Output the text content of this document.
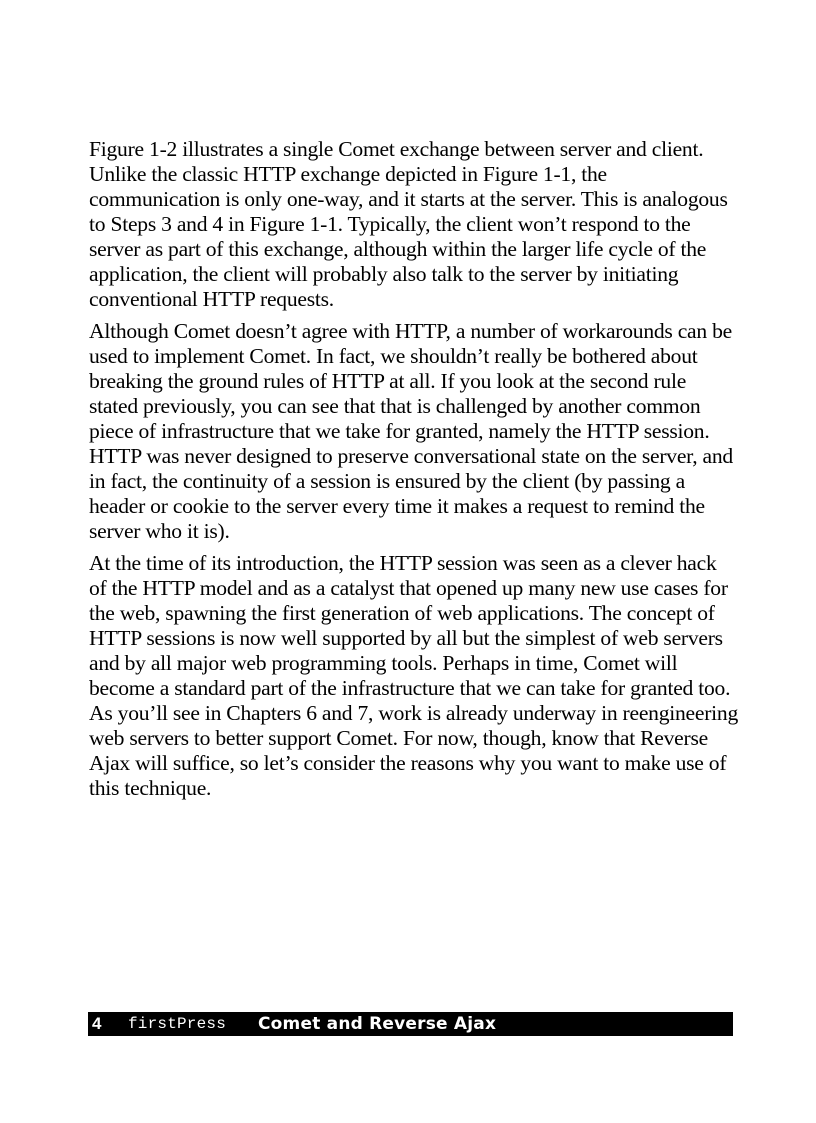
Figure 1-2 illustrates a single Comet exchange between server and client. Unlike the classic HTTP exchange depicted in Figure 1-1, the communication is only one-way, and it starts at the server. This is analogous to Steps 3 and 4 in Figure 1-1. Typically, the client won’t respond to the server as part of this exchange, although within the larger life cycle of the application, the client will probably also talk to the server by initiating conventional HTTP requests.

Although Comet doesn’t agree with HTTP, a number of workarounds can be used to implement Comet. In fact, we shouldn’t really be bothered about breaking the ground rules of HTTP at all. If you look at the second rule stated previously, you can see that that is challenged by another common piece of infrastructure that we take for granted, namely the HTTP session. HTTP was never designed to preserve conversational state on the server, and in fact, the continuity of a session is ensured by the client (by passing a header or cookie to the server every time it makes a request to remind the server who it is).

At the time of its introduction, the HTTP session was seen as a clever hack of the HTTP model and as a catalyst that opened up many new use cases for the web, spawning the first generation of web applications. The concept of HTTP sessions is now well supported by all but the simplest of web servers and by all major web programming tools. Perhaps in time, Comet will become a standard part of the infrastructure that we can take for granted too. As you’ll see in Chapters 6 and 7, work is already underway in reengineering web servers to better support Comet. For now, though, know that Reverse Ajax will suffice, so let’s consider the reasons why you want to make use of this technique.

4	firstPress	Comet and Reverse Ajax
